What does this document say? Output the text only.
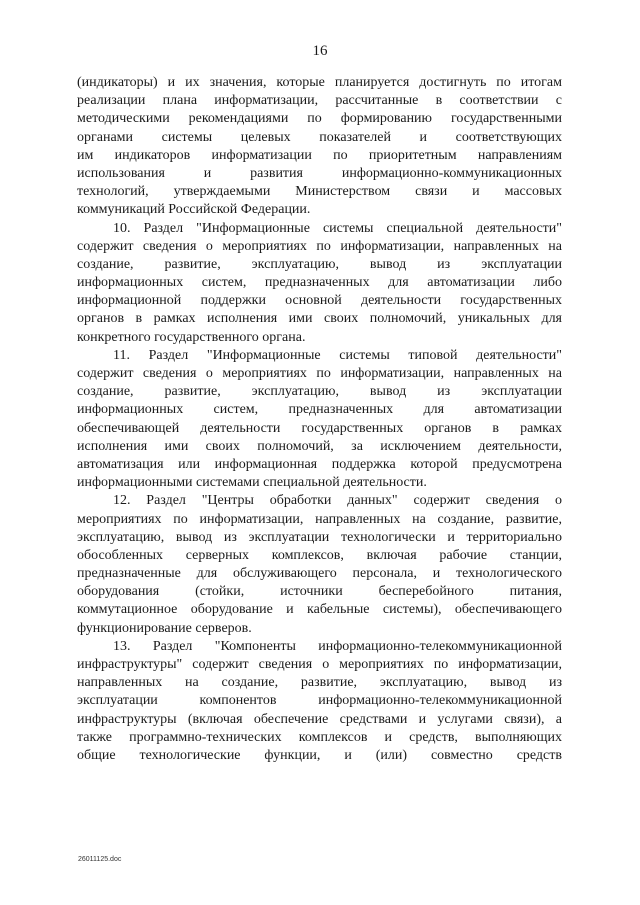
16
(индикаторы) и их значения, которые планируется достигнуть по итогам
реализации плана информатизации, рассчитанные в соответствии с
методическими рекомендациями по формированию государственными
органами системы целевых показателей и соответствующих
им индикаторов информатизации по приоритетным направлениям
использования и развития информационно-коммуникационных
технологий, утверждаемыми Министерством связи и массовых
коммуникаций Российской Федерации.
10. Раздел "Информационные системы специальной деятельности"
содержит сведения о мероприятиях по информатизации, направленных на
создание, развитие, эксплуатацию, вывод из эксплуатации
информационных систем, предназначенных для автоматизации либо
информационной поддержки основной деятельности государственных
органов в рамках исполнения ими своих полномочий, уникальных для
конкретного государственного органа.
11. Раздел "Информационные системы типовой деятельности"
содержит сведения о мероприятиях по информатизации, направленных на
создание, развитие, эксплуатацию, вывод из эксплуатации
информационных систем, предназначенных для автоматизации
обеспечивающей деятельности государственных органов в рамках
исполнения ими своих полномочий, за исключением деятельности,
автоматизация или информационная поддержка которой предусмотрена
информационными системами специальной деятельности.
12. Раздел "Центры обработки данных" содержит сведения о
мероприятиях по информатизации, направленных на создание, развитие,
эксплуатацию, вывод из эксплуатации технологически и территориально
обособленных серверных комплексов, включая рабочие станции,
предназначенные для обслуживающего персонала, и технологического
оборудования (стойки, источники бесперебойного питания,
коммутационное оборудование и кабельные системы), обеспечивающего
функционирование серверов.
13. Раздел "Компоненты информационно-телекоммуникационной
инфраструктуры" содержит сведения о мероприятиях по информатизации,
направленных на создание, развитие, эксплуатацию, вывод из
эксплуатации компонентов информационно-телекоммуникационной
инфраструктуры (включая обеспечение средствами и услугами связи), а
также программно-технических комплексов и средств, выполняющих
общие технологические функции, и (или) совместно средств
26011125.doc
